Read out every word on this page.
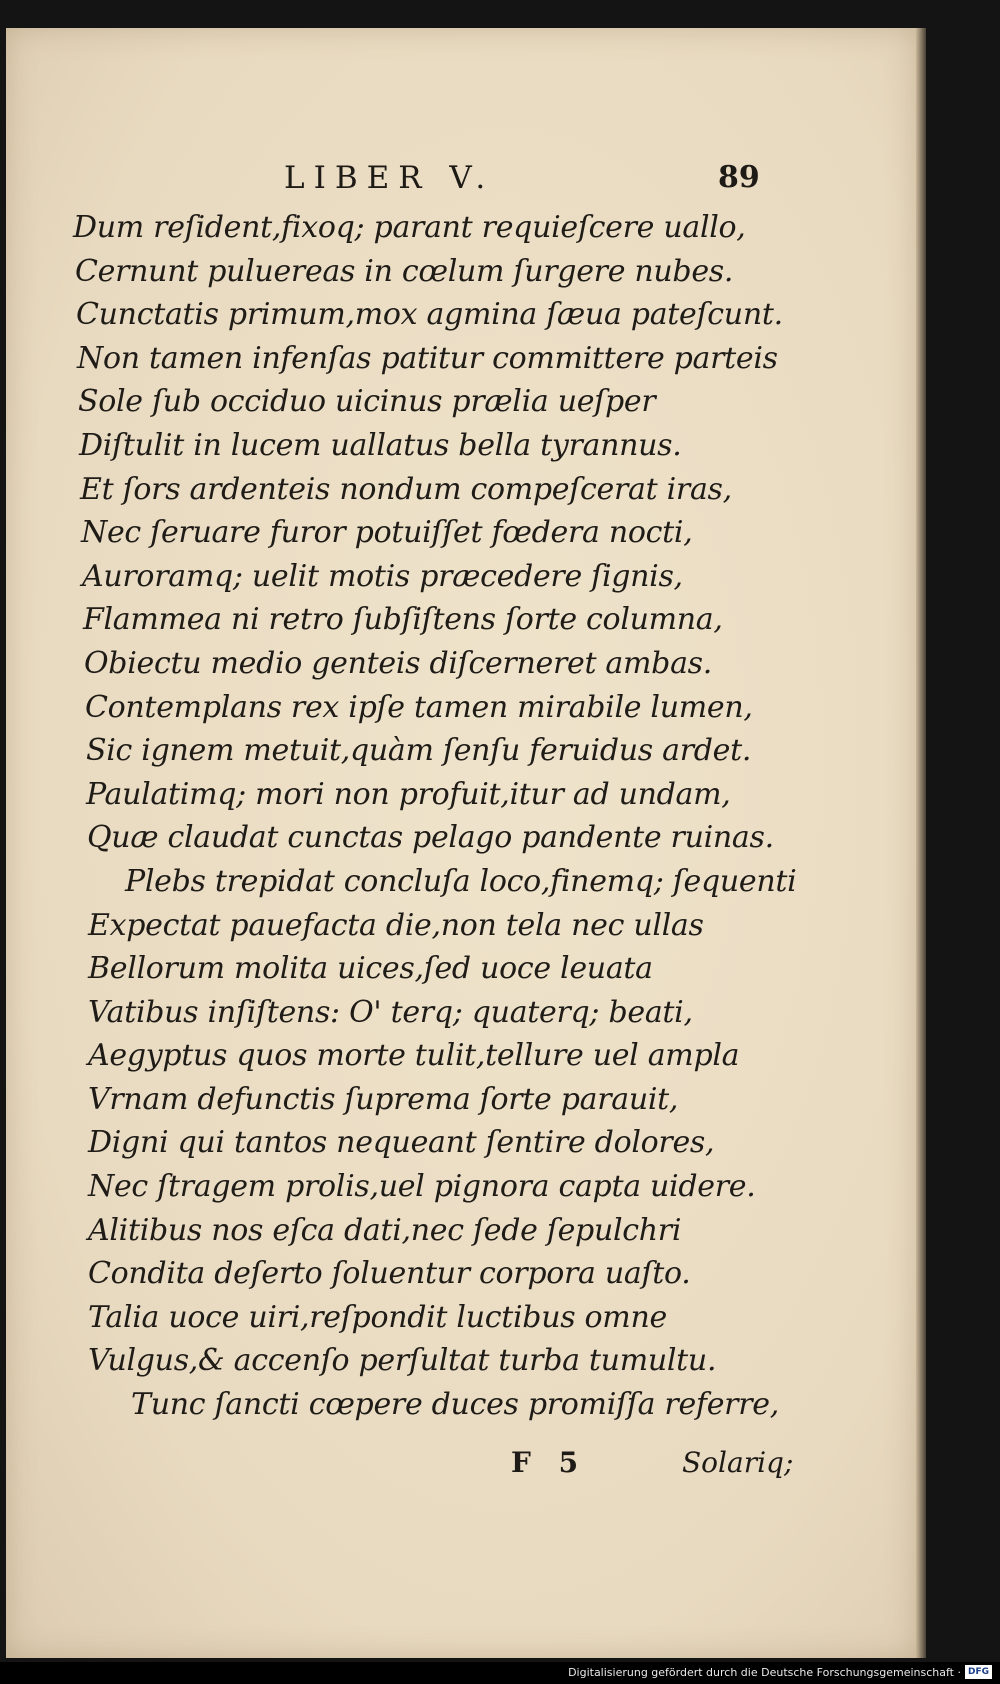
LIBER V.	89
Dum reſident,fixoq; parant requieſcere uallo,
Cernunt puluereas in cœlum ſurgere nubes.
Cunctatis primum,mox agmina ſæua pateſcunt.
Non tamen infenſas patitur committere parteis
Sole ſub occiduo uicinus prælia ueſper
Diſtulit in lucem uallatus bella tyrannus.
Et ſors ardenteis nondum compeſcerat iras,
Nec ſeruare furor potuiſſet fœdera nocti,
Auroramq; uelit motis præcedere ſignis,
Flammea ni retro ſubſiſtens ſorte columna,
Obiectu medio genteis diſcerneret ambas.
Contemplans rex ipſe tamen mirabile lumen,
Sic ignem metuit,quàm ſenſu feruidus ardet.
Paulatimq; mori non profuit,itur ad undam,
Quæ claudat cunctas pelago pandente ruinas.
Plebs trepidat concluſa loco,finemq; ſequenti
Expectat pauefacta die,non tela nec ullas
Bellorum molita uices,ſed uoce leuata
Vatibus inſiſtens: O' terq; quaterq; beati,
Aegyptus quos morte tulit,tellure uel ampla
Vrnam defunctis ſuprema ſorte parauit,
Digni qui tantos nequeant ſentire dolores,
Nec ſtragem prolis,uel pignora capta uidere.
Alitibus nos eſca dati,nec ſede ſepulchri
Condita deſerto ſoluentur corpora uaſto.
Talia uoce uiri,reſpondit luctibus omne
Vulgus,& accenſo perſultat turba tumultu.
Tunc ſancti cœpere duces promiſſa referre,
F 5	Solariq;
Digitalisierung gefördert durch die Deutsche Forschungsgemeinschaft · DFG
